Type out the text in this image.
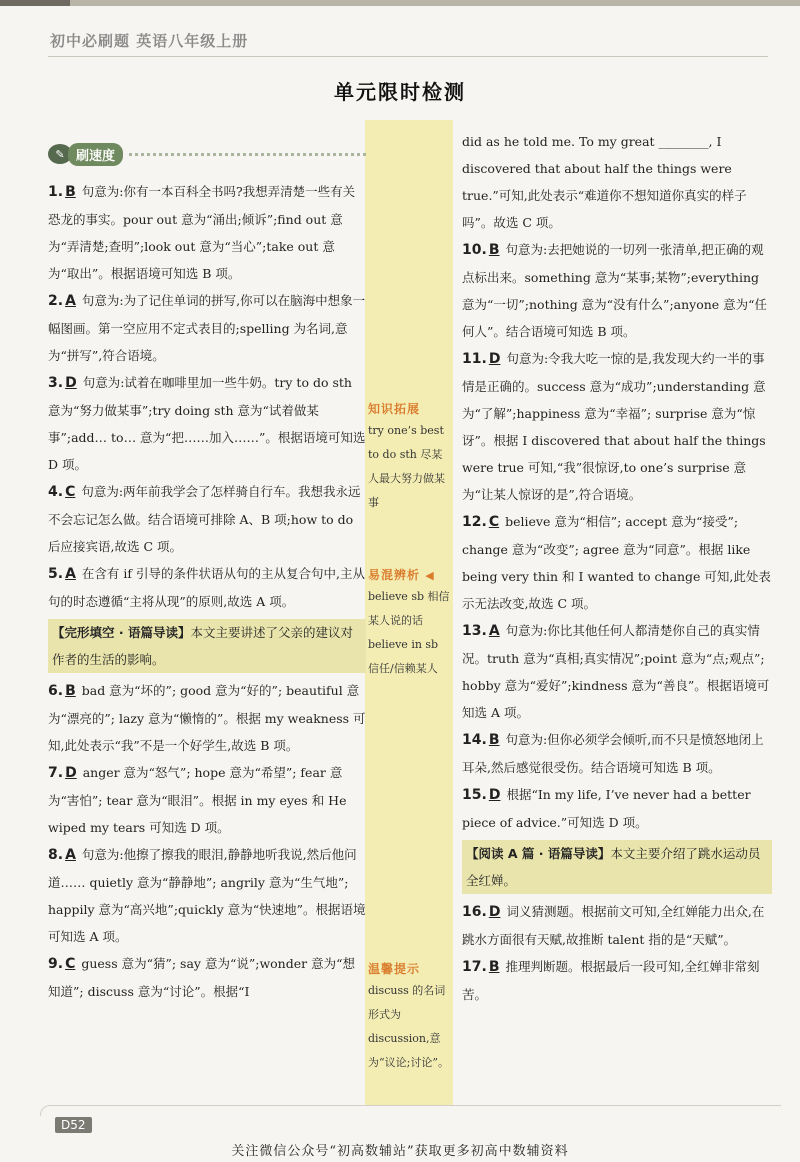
初中必刷题 英语八年级上册
单元限时检测
✎ 刷速度

1. B 句意为:你有一本百科全书吗?我想弄清楚一些有关恐龙的事实。pour out 意为“涌出;倾诉”;find out 意为“弄清楚;查明”;look out 意为“当心”;take out 意为“取出”。根据语境可知选 B 项。

2. A 句意为:为了记住单词的拼写,你可以在脑海中想象一幅图画。第一空应用不定式表目的;spelling 为名词,意为“拼写”,符合语境。

3. D 句意为:试着在咖啡里加一些牛奶。try to do sth 意为“努力做某事”;try doing sth 意为“试着做某事”;add… to… 意为“把……加入……”。根据语境可知选 D 项。

4. C 句意为:两年前我学会了怎样骑自行车。我想我永远不会忘记怎么做。结合语境可排除 A、B 项;how to do 后应接宾语,故选 C 项。

5. A 在含有 if 引导的条件状语从句的主从复合句中,主从句的时态遵循“主将从现”的原则,故选 A 项。

【完形填空 · 语篇导读】本文主要讲述了父亲的建议对作者的生活的影响。

6. B bad 意为“坏的”; good 意为“好的”; beautiful 意为“漂亮的”; lazy 意为“懒惰的”。根据 my weakness 可知,此处表示“我”不是一个好学生,故选 B 项。

7. D anger 意为“怒气”; hope 意为“希望”; fear 意为“害怕”; tear 意为“眼泪”。根据 in my eyes 和 He wiped my tears 可知选 D 项。

8. A 句意为:他擦了擦我的眼泪,静静地听我说,然后他问道…… quietly 意为“静静地”; angrily 意为“生气地”; happily 意为“高兴地”;quickly 意为“快速地”。根据语境可知选 A 项。

9. C guess 意为“猜”; say 意为“说”;wonder 意为“想知道”; discuss 意为“讨论”。根据“I

did as he told me. To my great ________, I discovered that about half the things were true.”可知,此处表示“难道你不想知道你真实的样子吗”。故选 C 项。

10. B 句意为:去把她说的一切列一张清单,把正确的观点标出来。something 意为“某事;某物”;everything 意为“一切”;nothing 意为“没有什么”;anyone 意为“任何人”。结合语境可知选 B 项。

11. D 句意为:令我大吃一惊的是,我发现大约一半的事情是正确的。success 意为“成功”;understanding 意为“了解”;happiness 意为“幸福”; surprise 意为“惊讶”。根据 I discovered that about half the things were true 可知,“我”很惊讶,to one’s surprise 意为“让某人惊讶的是”,符合语境。

12. C believe 意为“相信”; accept 意为“接受”; change 意为“改变”; agree 意为“同意”。根据 like being very thin 和 I wanted to change 可知,此处表示无法改变,故选 C 项。

13. A 句意为:你比其他任何人都清楚你自己的真实情况。truth 意为“真相;真实情况”;point 意为“点;观点”; hobby 意为“爱好”;kindness 意为“善良”。根据语境可知选 A 项。

14. B 句意为:但你必须学会倾听,而不只是愤怒地闭上耳朵,然后感觉很受伤。结合语境可知选 B 项。

15. D 根据“In my life, I’ve never had a better piece of advice.”可知选 D 项。

【阅读 A 篇 · 语篇导读】本文主要介绍了跳水运动员全红婵。

16. D 词义猜测题。根据前文可知,全红婵能力出众,在跳水方面很有天赋,故推断 talent 指的是“天赋”。

17. B 推理判断题。根据最后一段可知,全红婵非常刻苦。

知识拓展
try one’s best to do sth 尽某人最大努力做某事
易混辨析 ◀
believe sb 相信某人说的话 believe in sb 信任/信赖某人
温馨提示
discuss 的名词形式为 discussion,意为“议论;讨论”。
D52
关注微信公众号“初高数辅站”获取更多初高中数辅资料
